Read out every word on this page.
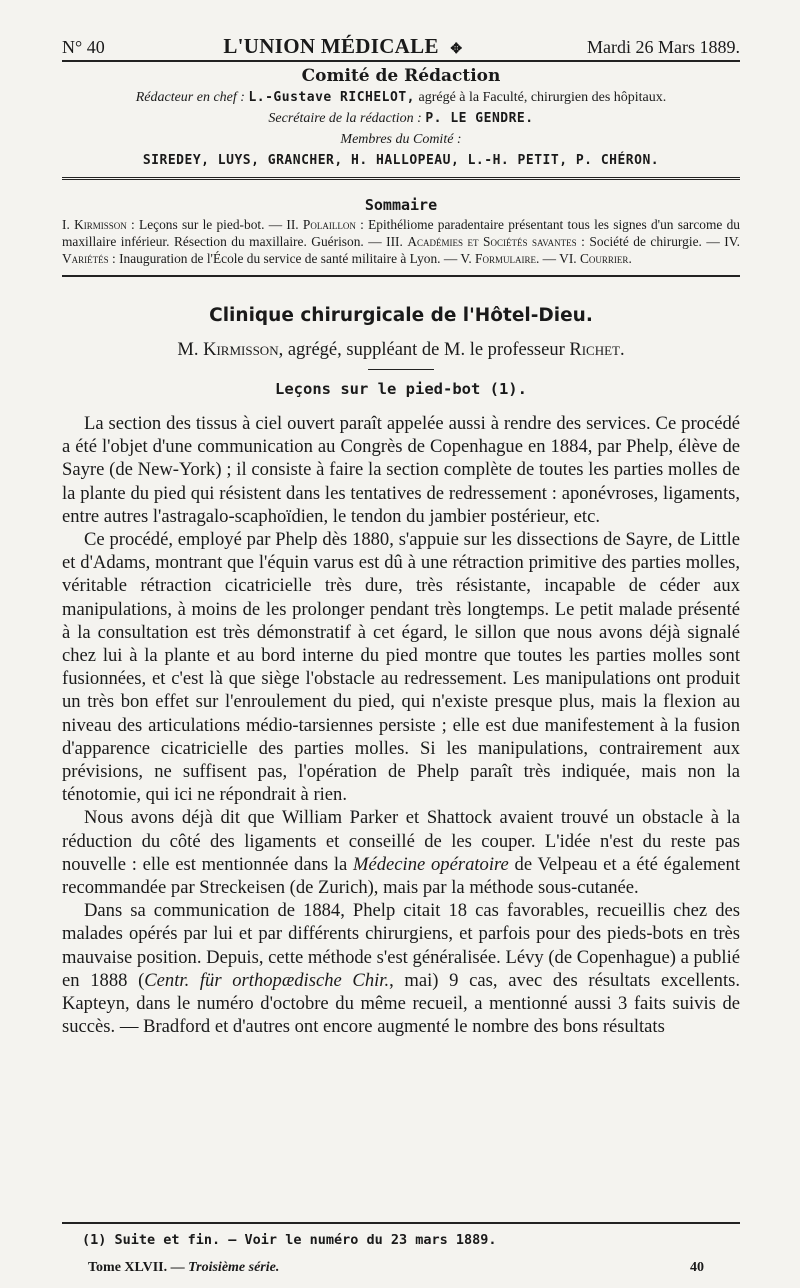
N° 40	L'UNION MÉDICALE ✥	Mardi 26 Mars 1889.
Comité de Rédaction
Rédacteur en chef : L.-Gustave RICHELOT, agrégé à la Faculté, chirurgien des hôpitaux.
Secrétaire de la rédaction : P. LE GENDRE.
Membres du Comité :
SIREDEY, LUYS, GRANCHER, H. HALLOPEAU, L.-H. PETIT, P. CHÉRON.
Sommaire
I. Kirmisson : Leçons sur le pied-bot. — II. Polaillon : Epithéliome paradentaire présentant tous les signes d'un sarcome du maxillaire inférieur. Résection du maxillaire. Guérison. — III. Académies et Sociétés savantes : Société de chirurgie. — IV. Variétés : Inauguration de l'École du service de santé militaire à Lyon. — V. Formulaire. — VI. Courrier.
Clinique chirurgicale de l'Hôtel-Dieu.
M. Kirmisson, agrégé, suppléant de M. le professeur Richet.
Leçons sur le pied-bot (1).

La section des tissus à ciel ouvert paraît appelée aussi à rendre des services. Ce procédé a été l'objet d'une communication au Congrès de Copenhague en 1884, par Phelp, élève de Sayre (de New-York) ; il consiste à faire la section complète de toutes les parties molles de la plante du pied qui résistent dans les tentatives de redressement : aponévroses, ligaments, entre autres l'astragalo-scaphoïdien, le tendon du jambier postérieur, etc.

Ce procédé, employé par Phelp dès 1880, s'appuie sur les dissections de Sayre, de Little et d'Adams, montrant que l'équin varus est dû à une rétraction primitive des parties molles, véritable rétraction cicatricielle très dure, très résistante, incapable de céder aux manipulations, à moins de les prolonger pendant très longtemps. Le petit malade présenté à la consultation est très démonstratif à cet égard, le sillon que nous avons déjà signalé chez lui à la plante et au bord interne du pied montre que toutes les parties molles sont fusionnées, et c'est là que siège l'obstacle au redressement. Les manipulations ont produit un très bon effet sur l'enroulement du pied, qui n'existe presque plus, mais la flexion au niveau des articulations médio-tarsiennes persiste ; elle est due manifestement à la fusion d'apparence cicatricielle des parties molles. Si les manipulations, contrairement aux prévisions, ne suffisent pas, l'opération de Phelp paraît très indiquée, mais non la ténotomie, qui ici ne répondrait à rien.

Nous avons déjà dit que William Parker et Shattock avaient trouvé un obstacle à la réduction du côté des ligaments et conseillé de les couper. L'idée n'est du reste pas nouvelle : elle est mentionnée dans la Médecine opératoire de Velpeau et a été également recommandée par Streckeisen (de Zurich), mais par la méthode sous-cutanée.

Dans sa communication de 1884, Phelp citait 18 cas favorables, recueillis chez des malades opérés par lui et par différents chirurgiens, et parfois pour des pieds-bots en très mauvaise position. Depuis, cette méthode s'est généralisée. Lévy (de Copenhague) a publié en 1888 (Centr. für orthopædische Chir., mai) 9 cas, avec des résultats excellents. Kapteyn, dans le numéro d'octobre du même recueil, a mentionné aussi 3 faits suivis de succès. — Bradford et d'autres ont encore augmenté le nombre des bons résultats

(1) Suite et fin. — Voir le numéro du 23 mars 1889.
Tome XLVII. — Troisième série.	40
